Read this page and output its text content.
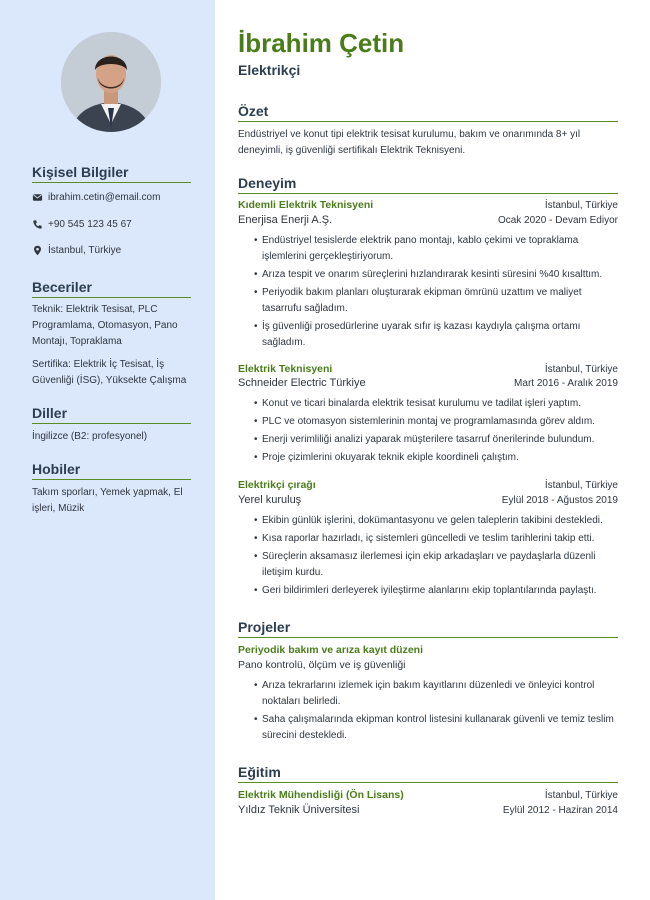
Kişisel Bilgiler
ibrahim.cetin@email.com
+90 545 123 45 67
İstanbul, Türkiye
Beceriler
Teknik: Elektrik Tesisat, PLC Programlama, Otomasyon, Pano Montajı, Topraklama
Sertifika: Elektrik İç Tesisat, İş Güvenliği (İSG), Yüksekte Çalışma
Diller
İngilizce (B2: profesyonel)
Hobiler
Takım sporları, Yemek yapmak, El işleri, Müzik
İbrahim Çetin
Elektrikçi
Özet
Endüstriyel ve konut tipi elektrik tesisat kurulumu, bakım ve onarımında 8+ yıl deneyimli, iş güvenliği sertifikalı Elektrik Teknisyeni.
Deneyim
Kıdemli Elektrik Teknisyeni	İstanbul, Türkiye
Enerjisa Enerji A.Ş.	Ocak 2020 - Devam Ediyor
• Endüstriyel tesislerde elektrik pano montajı, kablo çekimi ve topraklama işlemlerini gerçekleştiriyorum.
• Arıza tespit ve onarım süreçlerini hızlandırarak kesinti süresini %40 kısalttım.
• Periyodik bakım planları oluşturarak ekipman ömrünü uzattım ve maliyet tasarrufu sağladım.
• İş güvenliği prosedürlerine uyarak sıfır iş kazası kaydıyla çalışma ortamı sağladım.
Elektrik Teknisyeni	İstanbul, Türkiye
Schneider Electric Türkiye	Mart 2016 - Aralık 2019
• Konut ve ticari binalarda elektrik tesisat kurulumu ve tadilat işleri yaptım.
• PLC ve otomasyon sistemlerinin montaj ve programlamasında görev aldım.
• Enerji verimliliği analizi yaparak müşterilere tasarruf önerilerinde bulundum.
• Proje çizimlerini okuyarak teknik ekiple koordineli çalıştım.
Elektrikçi çırağı	İstanbul, Türkiye
Yerel kuruluş	Eylül 2018 - Ağustos 2019
• Ekibin günlük işlerini, dokümantasyonu ve gelen taleplerin takibini destekledi.
• Kısa raporlar hazırladı, iç sistemleri güncelledi ve teslim tarihlerini takip etti.
• Süreçlerin aksamasız ilerlemesi için ekip arkadaşları ve paydaşlarla düzenli iletişim kurdu.
• Geri bildirimleri derleyerek iyileştirme alanlarını ekip toplantılarında paylaştı.
Projeler
Periyodik bakım ve arıza kayıt düzeni
Pano kontrolü, ölçüm ve iş güvenliği
• Arıza tekrarlarını izlemek için bakım kayıtlarını düzenledi ve önleyici kontrol noktaları belirledi.
• Saha çalışmalarında ekipman kontrol listesini kullanarak güvenli ve temiz teslim sürecini destekledi.
Eğitim
Elektrik Mühendisliği (Ön Lisans)	İstanbul, Türkiye
Yıldız Teknik Üniversitesi	Eylül 2012 - Haziran 2014
